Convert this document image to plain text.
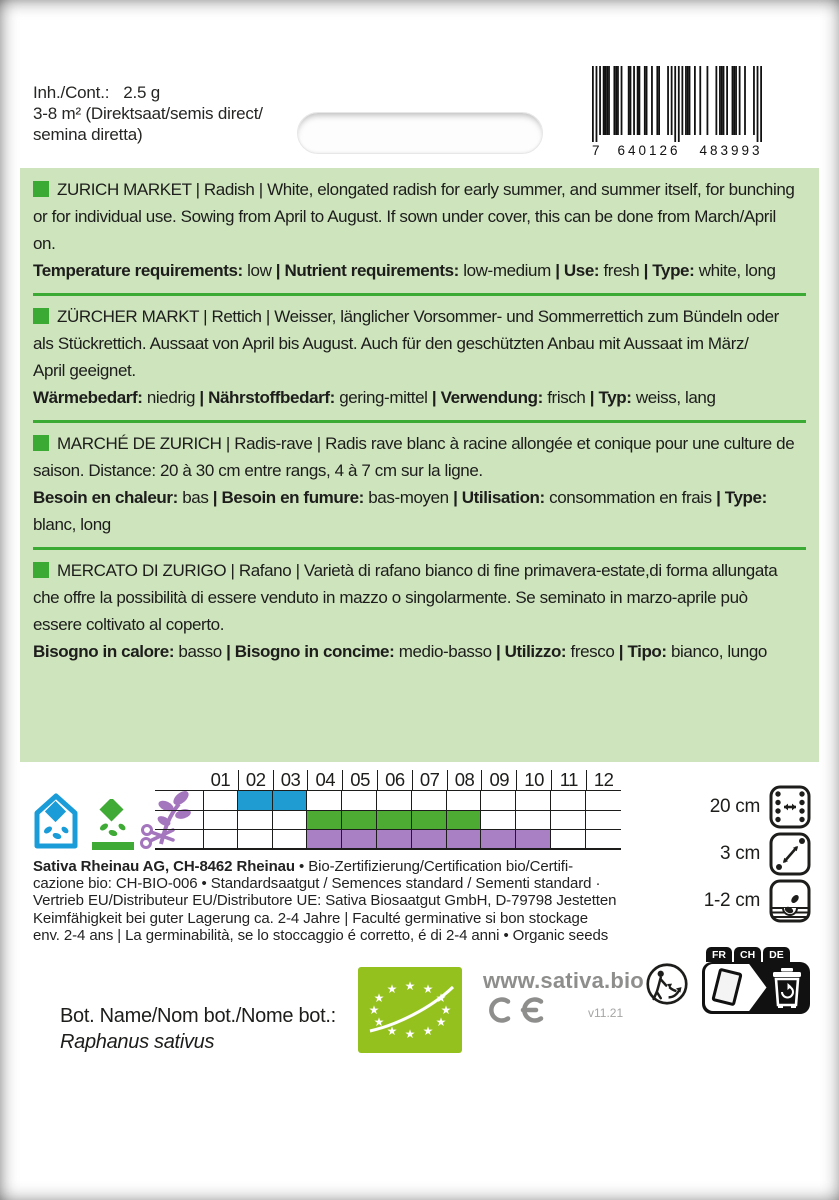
Inh./Cont.: 2.5 g
3-8 m² (Direktsaat/semis direct/
semina diretta)
7	640126	483993
ZURICH MARKET | Radish | White, elongated radish for early summer, and summer itself, for bunching
or for individual use. Sowing from April to August. If sown under cover, this can be done from March/April
on.
Temperature requirements: low | Nutrient requirements: low-medium | Use: fresh | Type: white, long
ZÜRCHER MARKT | Rettich | Weisser, länglicher Vorsommer- und Sommerrettich zum Bündeln oder
als Stückrettich. Aussaat von April bis August. Auch für den geschützten Anbau mit Aussaat im März/
April geeignet.
Wärmebedarf: niedrig | Nährstoffbedarf: gering-mittel | Verwendung: frisch | Typ: weiss, lang
MARCHÉ DE ZURICH | Radis-rave | Radis rave blanc à racine allongée et conique pour une culture de
saison. Distance: 20 à 30 cm entre rangs, 4 à 7 cm sur la ligne.
Besoin en chaleur: bas | Besoin en fumure: bas-moyen | Utilisation: consommation en frais | Type: blanc, long
MERCATO DI ZURIGO | Rafano | Varietà di rafano bianco di fine primavera-estate,di forma allungata
che offre la possibilità di essere venduto in mazzo o singolarmente. Se seminato in marzo-aprile può
essere coltivato al coperto.
Bisogno in calore: basso | Bisogno in concime: medio-basso | Utilizzo: fresco | Tipo: bianco, lungo
01 02 03 04 05 06 07 08 09 10 11 12
20 cm
3 cm
1-2 cm
Sativa Rheinau AG, CH-8462 Rheinau • Bio-Zertifizierung/Certification bio/Certifi-
cazione bio: CH-BIO-006 • Standardsaatgut / Semences standard / Sementi standard ·
Vertrieb EU/Distributeur EU/Distributore UE: Sativa Biosaatgut GmbH, D-79798 Jestetten
Keimfähigkeit bei guter Lagerung ca. 2-4 Jahre | Faculté germinative si bon stockage
env. 2-4 ans | La germinabilità, se lo stoccaggio é corretto, é di 2-4 anni • Organic seeds
★
★
★
★
★
★
★
★
★ ★ ★
★
www.sativa.bio
v11.21
FR	CH	DE
Bot. Name/Nom bot./Nome bot.:
Raphanus sativus
